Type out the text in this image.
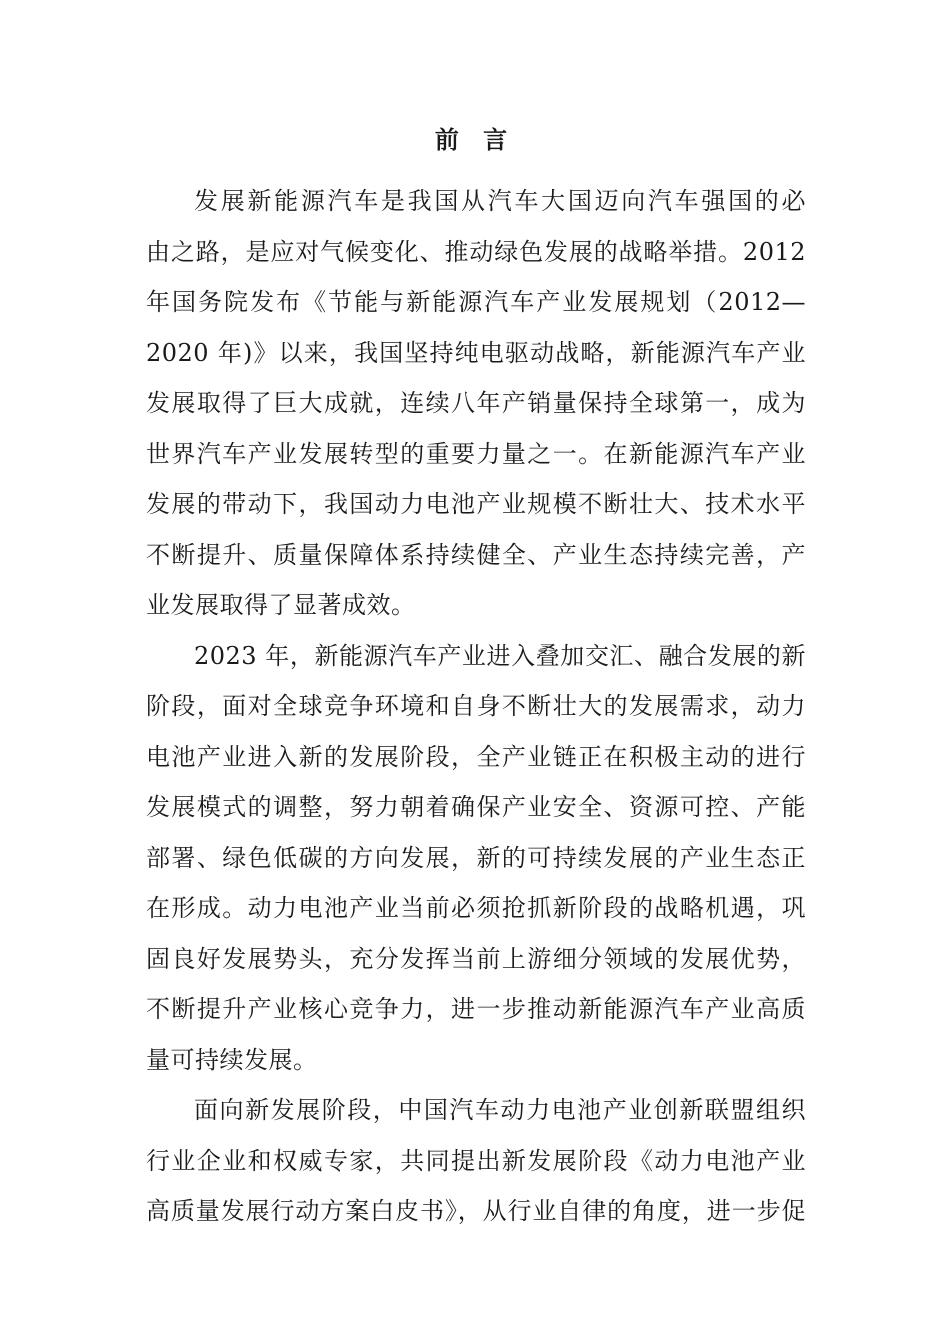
前 言
发展新能源汽车是我国从汽车大国迈向汽车强国的必
由之路，是应对气候变化、推动绿色发展的战略举措。2012
年国务院发布《节能与新能源汽车产业发展规划（2012—
2020 年)》以来，我国坚持纯电驱动战略，新能源汽车产业
发展取得了巨大成就，连续八年产销量保持全球第一，成为
世界汽车产业发展转型的重要力量之一。在新能源汽车产业
发展的带动下，我国动力电池产业规模不断壮大、技术水平
不断提升、质量保障体系持续健全、产业生态持续完善，产
业发展取得了显著成效。
2023 年，新能源汽车产业进入叠加交汇、融合发展的新
阶段，面对全球竞争环境和自身不断壮大的发展需求，动力
电池产业进入新的发展阶段，全产业链正在积极主动的进行
发展模式的调整，努力朝着确保产业安全、资源可控、产能
部署、绿色低碳的方向发展，新的可持续发展的产业生态正
在形成。动力电池产业当前必须抢抓新阶段的战略机遇，巩
固良好发展势头，充分发挥当前上游细分领域的发展优势，
不断提升产业核心竞争力，进一步推动新能源汽车产业高质
量可持续发展。
面向新发展阶段，中国汽车动力电池产业创新联盟组织
行业企业和权威专家，共同提出新发展阶段《动力电池产业
高质量发展行动方案白皮书》，从行业自律的角度，进一步促
